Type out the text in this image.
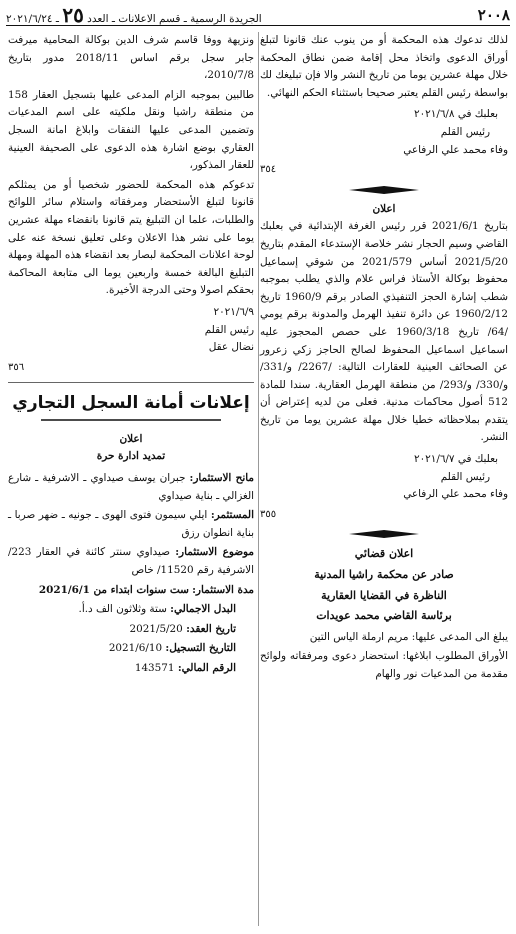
٢٠٠٨
الجريدة الرسمية ـ قسم الاعلانات ـ العدد ٢٥ ـ ٢٠٢١/٦/٢٤

لذلك تدعوك هذه المحكمة أو من ينوب عنك قانونا لتبلغ أوراق الدعوى واتخاذ محل إقامة ضمن نطاق المحكمة خلال مهلة عشرين يوما من تاريخ النشر والا فإن تبليغك لك بواسطة رئيس القلم يعتبر صحيحا باستثناء الحكم النهائي.

بعلبك في ٢٠٢١/٦/٨
رئيس القلم
وفاء محمد علي الرفاعي
٣٥٤
اعلان

بتاريخ 2021/6/1 قرر رئيس الغرفة الإبتدائية في بعلبك القاضي وسيم الحجار نشر خلاصة الإستدعاء المقدم بتاريخ 2021/5/20 أساس 2021/579 من شوقي إسماعيل محفوظ بوكالة الأستاذ فراس علام والذي يطلب بموجبه شطب إشارة الحجز التنفيذي الصادر برقم 1960/9 تاريخ 1960/2/12 عن دائرة تنفيذ الهرمل والمدونة برقم يومي /64/ تاريخ 1960/3/18 على حصص المحجوز عليه اسماعيل اسماعيل المحفوظ لصالح الحاجز زكي زعرور عن الصحائف العينية للعقارات التالية: /2267/ و/331/ و/330/ و/293/ من منطقة الهرمل العقارية. سندا للمادة 512 أصول محاكمات مدنية. فعلى من لديه إعتراض أن يتقدم بملاحظاته خطيا خلال مهلة عشرين يوما من تاريخ النشر.

بعلبك في ٢٠٢١/٦/٧
رئيس القلم
وفاء محمد علي الرفاعي
٣٥٥
اعلان قضائي
صادر عن محكمة راشيا المدنية
الناظرة في القضايا العقارية
برئاسة القاضي محمد عويدات

يبلغ الى المدعى عليها: مريم ارملة الياس التين

الأوراق المطلوب ابلاغها: استحضار دعوى ومرفقاته ولوائح مقدمة من المدعيات نور والهام

ونزيهة ووفا قاسم شرف الدين بوكالة المحامية ميرفت جابر سجل برقم اساس 2018/11 مدور بتاريخ 2010/7/8،

طالبين بموجبه الزام المدعى عليها بتسجيل العقار 158 من منطقة راشيا ونقل ملكيته على اسم المدعيات وتضمين المدعى عليها النفقات وابلاغ امانة السجل العقاري بوضع اشارة هذه الدعوى على الصحيفة العينية للعقار المذكور،

تدعوكم هذه المحكمة للحضور شخصيا أو من يمثلكم قانونا لتبلغ الأستحضار ومرفقاته واستلام سائر اللوائح والطلبات، علما ان التبليغ يتم قانونا بانقضاء مهلة عشرين يوما على نشر هذا الاعلان وعلى تعليق نسخة عنه على لوحة اعلانات المحكمة لبصار بعد انقضاء هذه المهلة ومهلة التبليغ البالغة خمسة واربعين يوما الى متابعة المحاكمة بحقكم اصولا وحتى الدرجة الأخيرة.

٢٠٢١/٦/٩
رئيس القلم
نضال عقل
٣٥٦
إعلانات أمانة السجل التجاري
اعلان
تمديد ادارة حرة

مانح الاستثمار: جبران يوسف صيداوي ـ الاشرفية ـ شارع الغزالي ـ بناية صيداوي

المستثمر: ايلي سيمون فتوى الهوى ـ جونيه ـ ضهر صربا ـ بناية انطوان رزق

موضوع الاستثمار: صيداوي سنتر كائنة في العقار 223/ الاشرفية رقم 11520/ خاص

مدة الاستثمار: ست سنوات ابتداء من 2021/6/1

البدل الاجمالي: ستة وثلاثون الف د.أ.

تاريخ العقد: 2021/5/20

التاريخ التسجيل: 2021/6/10

الرقم المالي: 143571
